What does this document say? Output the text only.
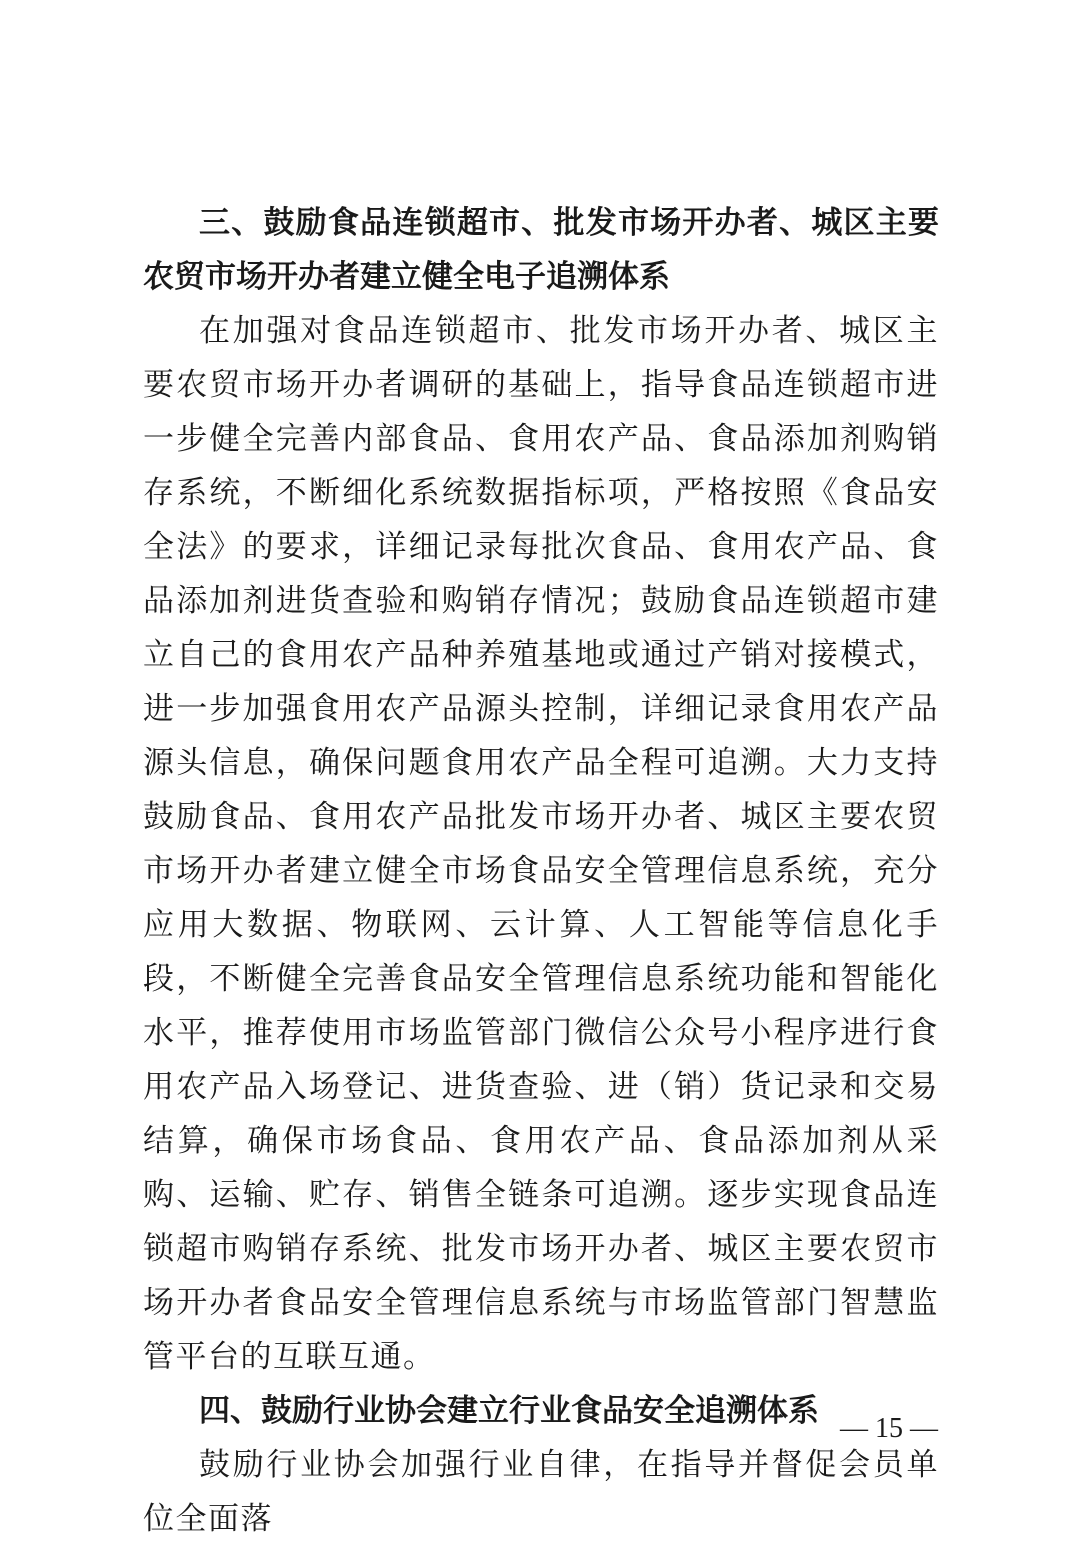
三、鼓励食品连锁超市、批发市场开办者、城区主要农贸市场开办者建立健全电子追溯体系

在加强对食品连锁超市、批发市场开办者、城区主要农贸市场开办者调研的基础上，指导食品连锁超市进一步健全完善内部食品、食用农产品、食品添加剂购销存系统，不断细化系统数据指标项，严格按照《食品安全法》的要求，详细记录每批次食品、食用农产品、食品添加剂进货查验和购销存情况；鼓励食品连锁超市建立自己的食用农产品种养殖基地或通过产销对接模式，进一步加强食用农产品源头控制，详细记录食用农产品源头信息，确保问题食用农产品全程可追溯。大力支持鼓励食品、食用农产品批发市场开办者、城区主要农贸市场开办者建立健全市场食品安全管理信息系统，充分应用大数据、物联网、云计算、人工智能等信息化手段，不断健全完善食品安全管理信息系统功能和智能化水平，推荐使用市场监管部门微信公众号小程序进行食用农产品入场登记、进货查验、进（销）货记录和交易结算，确保市场食品、食用农产品、食品添加剂从采购、运输、贮存、销售全链条可追溯。逐步实现食品连锁超市购销存系统、批发市场开办者、城区主要农贸市场开办者食品安全管理信息系统与市场监管部门智慧监管平台的互联互通。

四、鼓励行业协会建立行业食品安全追溯体系

鼓励行业协会加强行业自律，在指导并督促会员单位全面落

— 15 —
